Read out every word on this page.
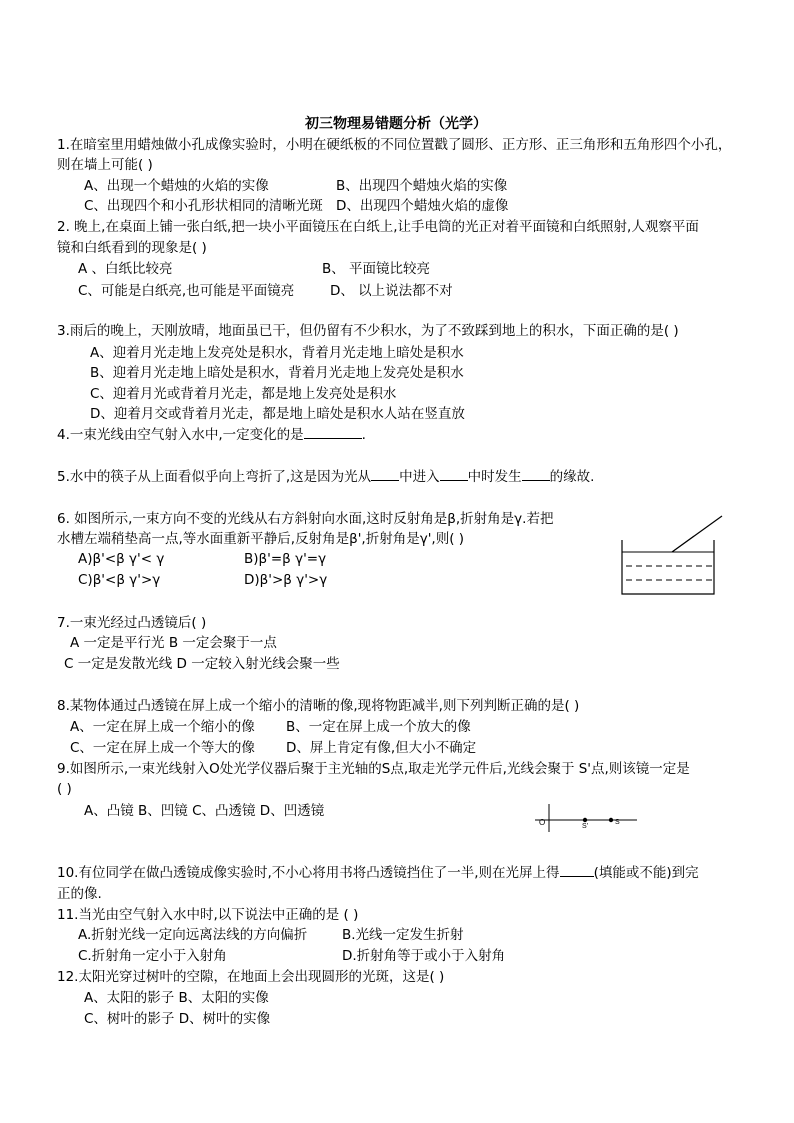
初三物理易错题分析（光学）
1.在暗室里用蜡烛做小孔成像实验时，小明在硬纸板的不同位置戳了圆形、正方形、正三角形和五角形四个小孔，
则在墙上可能( )
A、出现一个蜡烛的火焰的实像	B、出现四个蜡烛火焰的实像
C、出现四个和小孔形状相同的清晰光斑 D、出现四个蜡烛火焰的虚像
2. 晚上,在桌面上铺一张白纸,把一块小平面镜压在白纸上,让手电筒的光正对着平面镜和白纸照射,人观察平面
镜和白纸看到的现象是( )
A 、白纸比较亮	B、 平面镜比较亮
C、可能是白纸亮,也可能是平面镜亮	D、 以上说法都不对
3.雨后的晚上，天刚放晴，地面虽已干，但仍留有不少积水，为了不致踩到地上的积水，下面正确的是( )
A、迎着月光走地上发亮处是积水，背着月光走地上暗处是积水
B、迎着月光走地上暗处是积水，背着月光走地上发亮处是积水
C、迎着月光或背着月光走，都是地上发亮处是积水
D、迎着月交或背着月光走，都是地上暗处是积水人站在竖直放
4.一束光线由空气射入水中,一定变化的是	.
5.水中的筷子从上面看似乎向上弯折了,这是因为光从 中进入 中时发生 的缘故.
6. 如图所示,一束方向不变的光线从右方斜射向水面,这时反射角是β,折射角是γ.若把
水槽左端稍垫高一点,等水面重新平静后,反射角是β',折射角是γ',则( )
A)β'<β γ'< γ	B)β'=β γ'=γ
C)β'<β γ'>γ	D)β'>β γ'>γ
7.一束光经过凸透镜后( )
A 一定是平行光 B 一定会聚于一点
C 一定是发散光线 D 一定较入射光线会聚一些
8.某物体通过凸透镜在屏上成一个缩小的清晰的像,现将物距减半,则下列判断正确的是( )
A、一定在屏上成一个缩小的像 B、一定在屏上成一个放大的像
C、一定在屏上成一个等大的像 D、屏上肯定有像,但大小不确定
9.如图所示,一束光线射入O处光学仪器后聚于主光轴的S点,取走光学元件后,光线会聚于 S'点,则该镜一定是
( )
A、凸镜 B、凹镜 C、凸透镜 D、凹透镜
O	S'
S
10.有位同学在做凸透镜成像实验时,不小心将用书将凸透镜挡住了一半,则在光屏上得	(填能或不能)到完
正的像.
11.当光由空气射入水中时,以下说法中正确的是 ( )
A.折射光线一定向远离法线的方向偏折	B.光线一定发生折射
C.折射角一定小于入射角	D.折射角等于或小于入射角
12.太阳光穿过树叶的空隙，在地面上会出现圆形的光斑，这是( )
A、太阳的影子 B、太阳的实像
C、树叶的影子 D、树叶的实像
